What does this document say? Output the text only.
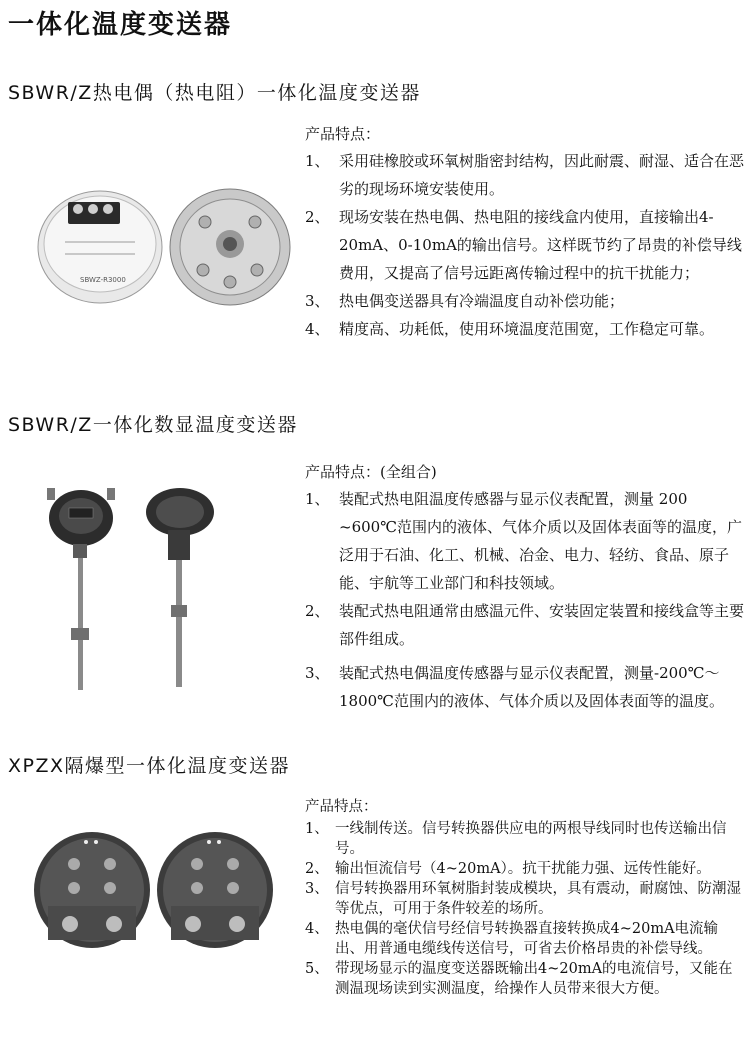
一体化温度变送器
SBWR/Z热电偶（热电阻）一体化温度变送器
SBWZ-R3000
产品特点：
1、 采用硅橡胶或环氧树脂密封结构，因此耐震、耐湿、适合在恶劣的现场环境安装使用。
2、 现场安装在热电偶、热电阻的接线盒内使用，直接输出4-20mA、0-10mA的输出信号。这样既节约了昂贵的补偿导线费用，又提高了信号远距离传输过程中的抗干扰能力；
3、 热电偶变送器具有冷端温度自动补偿功能；
4、 精度高、功耗低，使用环境温度范围宽，工作稳定可靠。
SBWR/Z一体化数显温度变送器
产品特点：(全组合)
1、 装配式热电阻温度传感器与显示仪表配置，测量 200 ~600℃范围内的液体、气体介质以及固体表面等的温度，广泛用于石油、化工、机械、冶金、电力、轻纺、食品、原子能、宇航等工业部门和科技领域。
2、 装配式热电阻通常由感温元件、安装固定装置和接线盒等主要部件组成。
3、 装配式热电偶温度传感器与显示仪表配置，测量-200℃～1800℃范围内的液体、气体介质以及固体表面等的温度。
XPZX隔爆型一体化温度变送器
产品特点：
1、 一线制传送。信号转换器供应电的两根导线同时也传送输出信号。
2、 输出恒流信号（4~20mA）。抗干扰能力强、远传性能好。
3、 信号转换器用环氧树脂封装成模块，具有震动，耐腐蚀、防潮湿等优点，可用于条件较差的场所。
4、 热电偶的毫伏信号经信号转换器直接转换成4~20mA电流输出、用普通电缆线传送信号，可省去价格昂贵的补偿导线。
5、 带现场显示的温度变送器既输出4~20mA的电流信号，又能在测温现场读到实测温度，给操作人员带来很大方便。
